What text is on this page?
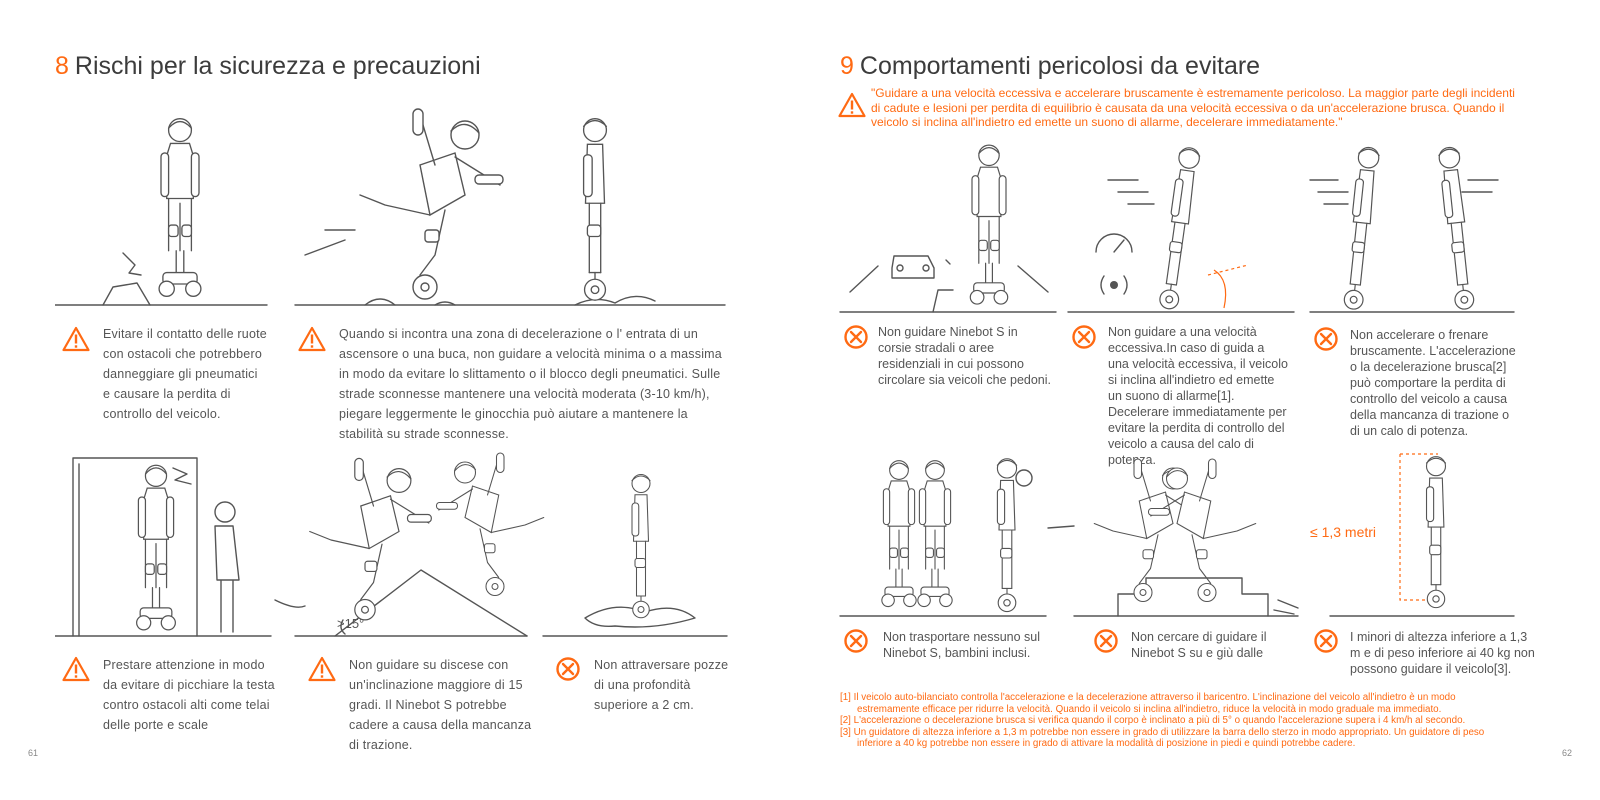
8 Rischi per la sicurezza e precauzioni
Evitare il contatto delle ruote con ostacoli che potrebbero danneggiare gli pneumatici e causare la perdita di controllo del veicolo.
Quando si incontra una zona di decelerazione o l' entrata di un ascensore o una buca, non guidare a velocità minima o a massima in modo da evitare lo slittamento o il blocco degli pneumatici. Sulle strade sconnesse mantenere una velocità moderata (3-10 km/h), piegare leggermente le ginocchia può aiutare a mantenere la stabilità su strade sconnesse.
>15°
Prestare attenzione in modo da evitare di picchiare la testa contro ostacoli alti come telai delle porte e scale
Non guidare su discese con un'inclinazione maggiore di 15 gradi. Il Ninebot S potrebbe cadere a causa della mancanza di trazione.
Non attraversare pozze di una profondità superiore a 2 cm.
61
9 Comportamenti pericolosi da evitare
"Guidare a una velocità eccessiva e accelerare bruscamente è estremamente pericoloso. La maggior parte degli incidenti di cadute e lesioni per perdita di equilibrio è causata da una velocità eccessiva o da un'accelerazione brusca. Quando il veicolo si inclina all'indietro ed emette un suono di allarme, decelerare immediatamente."
Non guidare Ninebot S in corsie stradali o aree residenziali in cui possono circolare sia veicoli che pedoni.
Non guidare a una velocità eccessiva.In caso di guida a una velocità eccessiva, il veicolo si inclina all'indietro ed emette un suono di allarme[1]. Decelerare immediatamente per evitare la perdita di controllo del veicolo a causa del calo di potenza.
Non accelerare o frenare bruscamente. L'accelerazione o la decelerazione brusca[2] può comportare la perdita di controllo del veicolo a causa della mancanza di trazione o di un calo di potenza.
≤ 1,3 metri
Non trasportare nessuno sul Ninebot S, bambini inclusi.
Non cercare di guidare il Ninebot S su e giù dalle
I minori di altezza inferiore a 1,3 m e di peso inferiore ai 40 kg non possono guidare il veicolo[3].
[1] Il veicolo auto-bilanciato controlla l'accelerazione e la decelerazione attraverso il baricentro. L'inclinazione del veicolo all'indietro è un modo estremamente efficace per ridurre la velocità. Quando il veicolo si inclina all'indietro, riduce la velocità in modo graduale ma immediato.
[2] L'accelerazione o decelerazione brusca si verifica quando il corpo è inclinato a più di 5° o quando l'accelerazione supera i 4 km/h al secondo.
[3] Un guidatore di altezza inferiore a 1,3 m potrebbe non essere in grado di utilizzare la barra dello sterzo in modo appropriato. Un guidatore di peso inferiore a 40 kg potrebbe non essere in grado di attivare la modalità di posizione in piedi e quindi potrebbe cadere.
62
